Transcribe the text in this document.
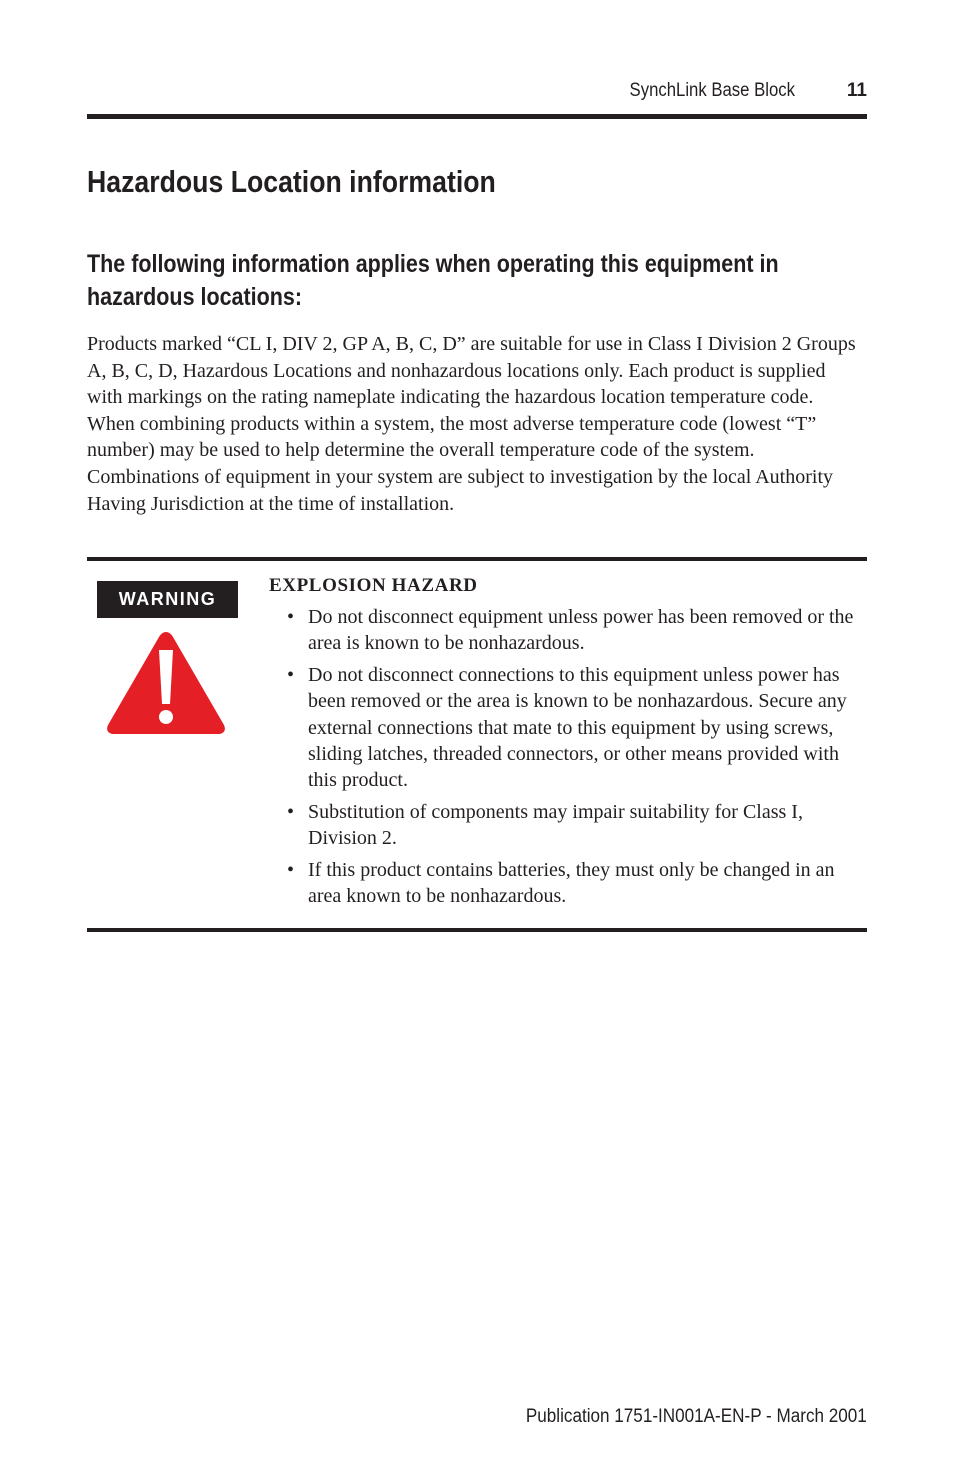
SynchLink Base Block	11
Hazardous Location information
The following information applies when operating this equipment in hazardous locations:

Products marked “CL I, DIV 2, GP A, B, C, D” are suitable for use in Class I Division 2 Groups A, B, C, D, Hazardous Locations and nonhazardous locations only. Each product is supplied with markings on the rating nameplate indicating the hazardous location temperature code. When combining products within a system, the most adverse temperature code (lowest “T” number) may be used to help determine the overall temperature code of the system. Combinations of equipment in your system are subject to investigation by the local Authority Having Jurisdiction at the time of installation.

WARNING
EXPLOSION HAZARD
• Do not disconnect equipment unless power has been removed or the area is known to be nonhazardous.
• Do not disconnect connections to this equipment unless power has been removed or the area is known to be nonhazardous. Secure any external connections that mate to this equipment by using screws, sliding latches, threaded connectors, or other means provided with this product.
• Substitution of components may impair suitability for Class I, Division 2.
• If this product contains batteries, they must only be changed in an area known to be nonhazardous.
Publication 1751-IN001A-EN-P - March 2001
